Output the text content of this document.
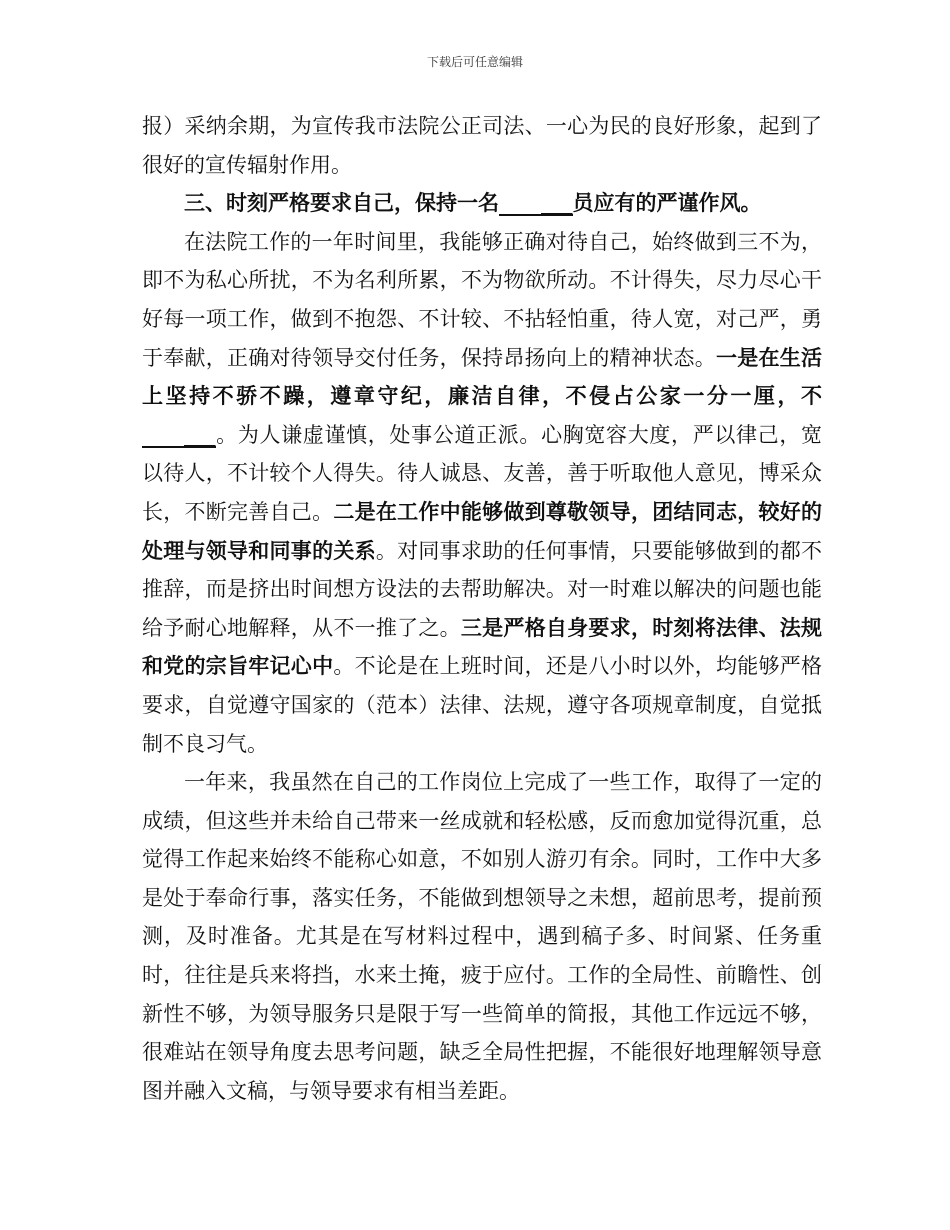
下载后可任意编辑

报）采纳余期，为宣传我市法院公正司法、一心为民的良好形象，起到了很好的宣传辐射作用。

三、时刻严格要求自己，保持一名 ___员应有的严谨作风。

在法院工作的一年时间里，我能够正确对待自己，始终做到三不为，即不为私心所扰，不为名利所累，不为物欲所动。不计得失，尽力尽心干好每一项工作，做到不抱怨、不计较、不拈轻怕重，待人宽，对己严，勇于奉献，正确对待领导交付任务，保持昂扬向上的精神状态。一是在生活上坚持不骄不躁，遵章守纪，廉洁自律，不侵占公家一分一厘，不___。为人谦虚谨慎，处事公道正派。心胸宽容大度，严以律己，宽以待人，不计较个人得失。待人诚恳、友善，善于听取他人意见，博采众长，不断完善自己。二是在工作中能够做到尊敬领导，团结同志，较好的处理与领导和同事的关系。对同事求助的任何事情，只要能够做到的都不推辞，而是挤出时间想方设法的去帮助解决。对一时难以解决的问题也能给予耐心地解释，从不一推了之。三是严格自身要求，时刻将法律、法规和党的宗旨牢记心中。不论是在上班时间，还是八小时以外，均能够严格要求，自觉遵守国家的（范本）法律、法规，遵守各项规章制度，自觉抵制不良习气。

一年来，我虽然在自己的工作岗位上完成了一些工作，取得了一定的成绩，但这些并未给自己带来一丝成就和轻松感，反而愈加觉得沉重，总觉得工作起来始终不能称心如意，不如别人游刃有余。同时，工作中大多是处于奉命行事，落实任务，不能做到想领导之未想，超前思考，提前预测，及时准备。尤其是在写材料过程中，遇到稿子多、时间紧、任务重时，往往是兵来将挡，水来土掩，疲于应付。工作的全局性、前瞻性、创新性不够，为领导服务只是限于写一些简单的简报，其他工作远远不够，很难站在领导角度去思考问题，缺乏全局性把握，不能很好地理解领导意图并融入文稿，与领导要求有相当差距。
